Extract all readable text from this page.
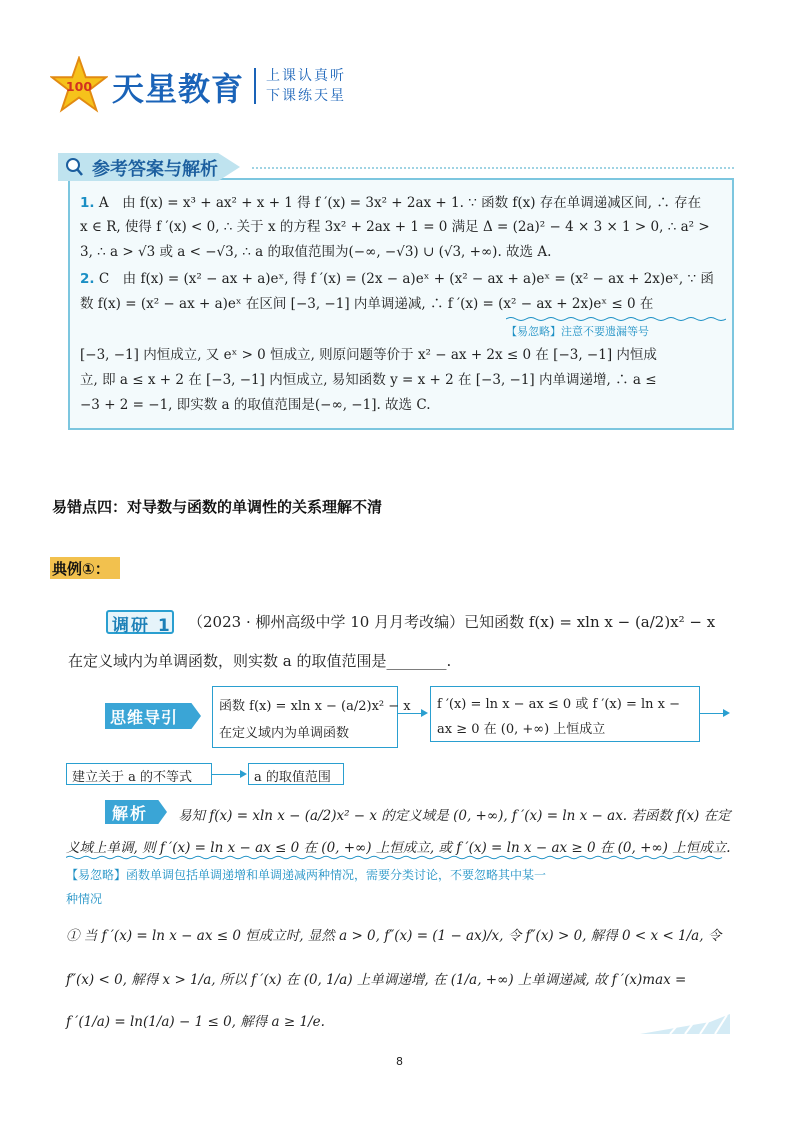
100 天星教育 上课认真听
下课练天星
参考答案与解析
1. A　由 f(x) = x³ + ax² + x + 1 得 f ′(x) = 3x² + 2ax + 1. ∵ 函数 f(x) 存在单调递减区间, ∴ 存在
x ∈ R, 使得 f ′(x) < 0, ∴ 关于 x 的方程 3x² + 2ax + 1 = 0 满足 Δ = (2a)² − 4 × 3 × 1 > 0, ∴ a² >
3, ∴ a > √3 或 a < −√3, ∴ a 的取值范围为(−∞, −√3) ∪ (√3, +∞). 故选 A.
2. C　由 f(x) = (x² − ax + a)eˣ, 得 f ′(x) = (2x − a)eˣ + (x² − ax + a)eˣ = (x² − ax + 2x)eˣ, ∵ 函
数 f(x) = (x² − ax + a)eˣ 在区间 [−3, −1] 内单调递减, ∴ f ′(x) = (x² − ax + 2x)eˣ ≤ 0 在
【易忽略】注意不要遗漏等号
[−3, −1] 内恒成立, 又 eˣ > 0 恒成立, 则原问题等价于 x² − ax + 2x ≤ 0 在 [−3, −1] 内恒成
立, 即 a ≤ x + 2 在 [−3, −1] 内恒成立, 易知函数 y = x + 2 在 [−3, −1] 内单调递增, ∴ a ≤
−3 + 2 = −1, 即实数 a 的取值范围是(−∞, −1]. 故选 C.
易错点四：对导数与函数的单调性的关系理解不清
典例①：
调研 1 （2023 · 柳州高级中学 10 月月考改编）已知函数 f(x) = xln x − (a/2)x² − x
在定义域内为单调函数，则实数 a 的取值范围是________.
思维导引
函数 f(x) = xln x − (a/2)x² − x
在定义域内为单调函数
f ′(x) = ln x − ax ≤ 0 或 f ′(x) = ln x −
ax ≥ 0 在 (0, +∞) 上恒成立
建立关于 a 的不等式	a 的取值范围
解析 易知 f(x) = xln x − (a/2)x² − x 的定义域是 (0, +∞), f ′(x) = ln x − ax. 若函数 f(x) 在定
义域上单调, 则 f ′(x) = ln x − ax ≤ 0 在 (0, +∞) 上恒成立, 或 f ′(x) = ln x − ax ≥ 0 在 (0, +∞) 上恒成立.
【易忽略】函数单调包括单调递增和单调递减两种情况，需要分类讨论，不要忽略其中某一
种情况
① 当 f ′(x) = ln x − ax ≤ 0 恒成立时, 显然 a > 0, f″(x) = (1 − ax)/x, 令 f″(x) > 0, 解得 0 < x < 1/a, 令
f″(x) < 0, 解得 x > 1/a, 所以 f ′(x) 在 (0, 1/a) 上单调递增, 在 (1/a, +∞) 上单调递减, 故 f ′(x)max =
f ′(1/a) = ln(1/a) − 1 ≤ 0, 解得 a ≥ 1/e.
8
